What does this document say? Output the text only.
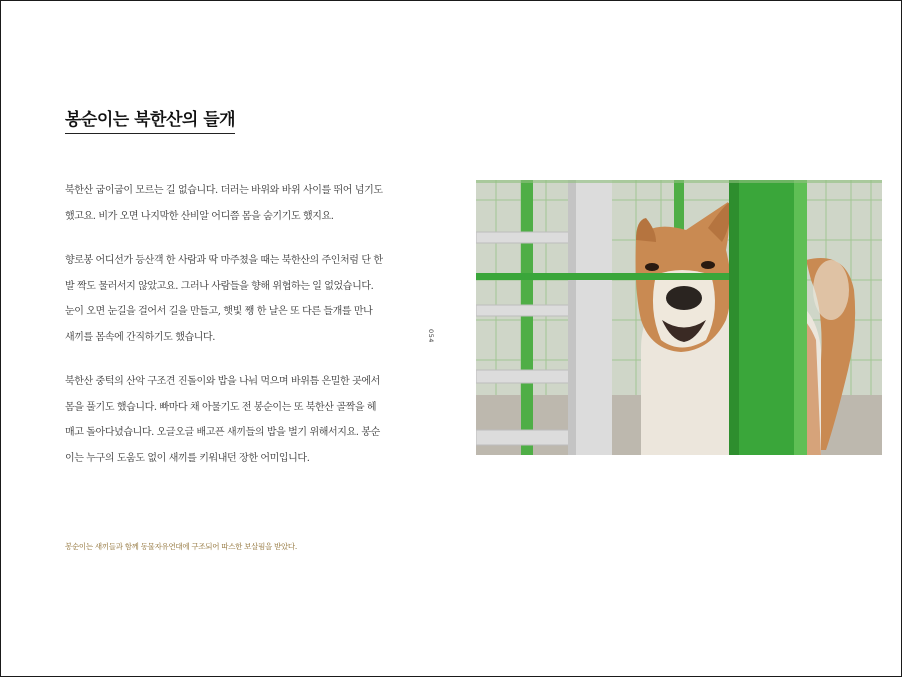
봉순이는 북한산의 들개

북한산 굽이굽이 모르는 길 없습니다. 더러는 바위와 바위 사이를 뛰어 넘기도 했고요. 비가 오면 나지막한 산비알 어디쯤 몸을 숨기기도 했지요.

향로봉 어디선가 등산객 한 사람과 딱 마주쳤을 때는 북한산의 주인처럼 단 한발 짝도 물러서지 않았고요. 그러나 사람들을 향해 위협하는 일 없었습니다. 눈이 오면 눈길을 걸어서 길을 만들고, 햇빛 쨍 한 날은 또 다른 들개를 만나 새끼를 몸속에 간직하기도 했습니다.

북한산 중턱의 산악 구조견 진돌이와 밥을 나눠 먹으며 바위틈 은밀한 곳에서 몸을 풀기도 했습니다. 빠마다 채 아물기도 전 봉순이는 또 북한산 골짝을 헤매고 돌아다녔습니다. 오글오글 배고픈 새끼들의 밥을 벌기 위해서지요. 봉순이는 누구의 도움도 없이 새끼를 키워내던 장한 어미입니다.

봉순이는 새끼들과 함께 동물자유연대에 구조되어 따스한 보살핌을 받았다.
054
